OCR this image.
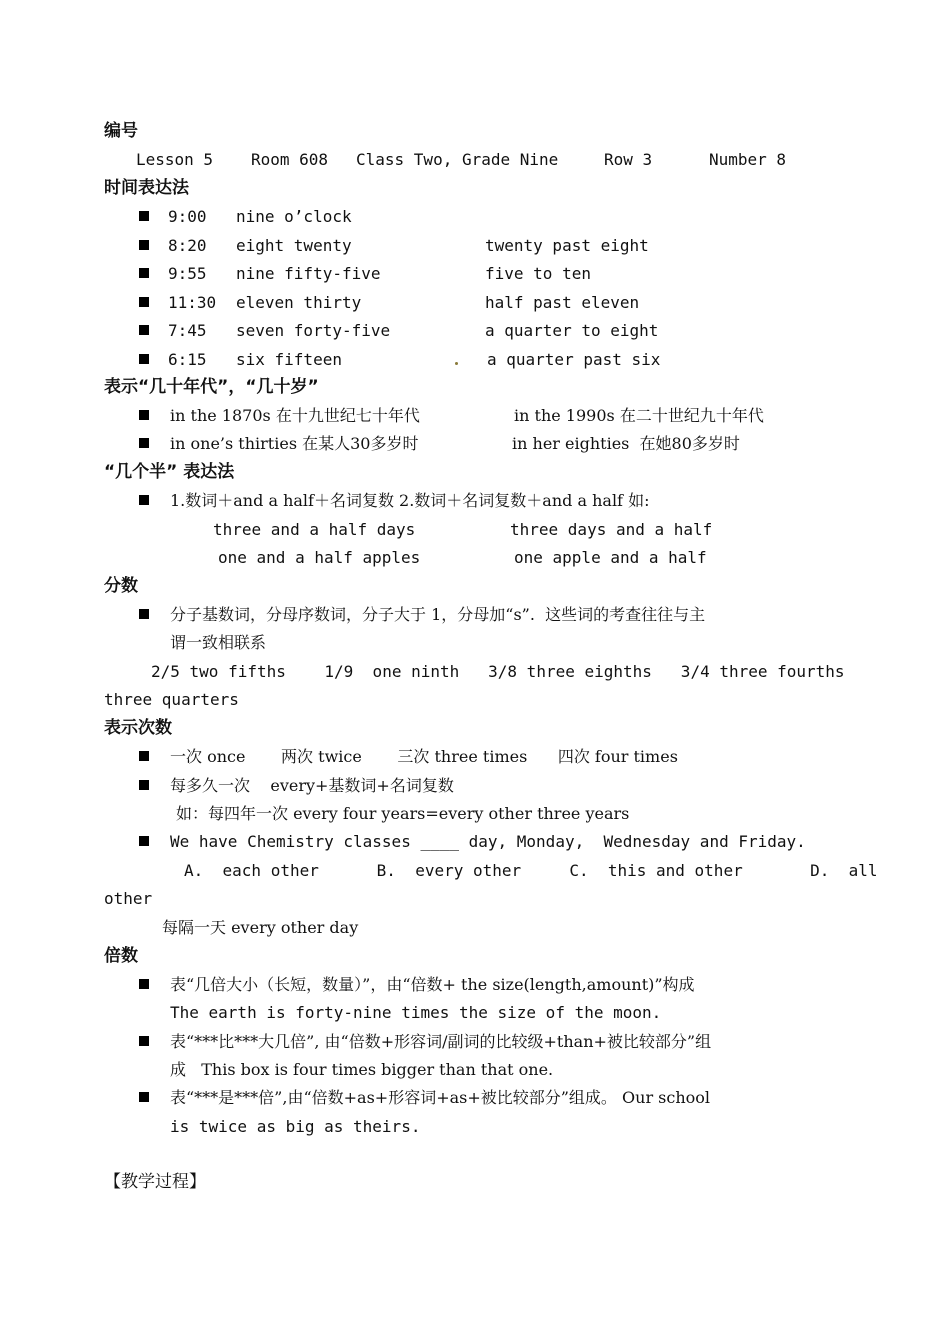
编号
Lesson 5 Room 608 Class Two, Grade Nine	Row 3	Number 8
时间表达法
9:00 nine o’clock
8:20 eight twenty	twenty past eight
9:55 nine fifty-five	five to ten
11:30 eleven thirty	half past eleven
7:45 seven forty-five	a quarter to eight
6:15 six fifteen	a quarter past six
表示“几十年代”，“几十岁”
in the 1870s 在十九世纪七十年代	in the 1990s 在二十世纪九十年代
in one’s thirties 在某人30多岁时	in her eighties  在她80多岁时
“几个半” 表达法
1.数词＋and a half＋名词复数 2.数词＋名词复数＋and a half 如:
three and a half days	three days and a half
one and a half apples	one apple and a half
分数
分子基数词，分母序数词，分子大于 1，分母加“s”.  这些词的考查往往与主
谓一致相联系
2/5 two fifths    1/9  one ninth   3/8 three eighths   3/4 three fourths
three quarters
表示次数
一次 once       两次 twice       三次 three times      四次 four times
每多久一次    every+基数词+名词复数
如：每四年一次 every four years=every other three years
We have Chemistry classes ____ day, Monday,  Wednesday and Friday.
A.  each other      B.  every other     C.  this and other       D.  all
other
每隔一天 every other day
倍数
表“几倍大小（长短，数量）”，由“倍数+ the size(length,amount)”构成
The earth is forty-nine times the size of the moon.
表“***比***大几倍”, 由“倍数+形容词/副词的比较级+than+被比较部分”组
成   This box is four times bigger than that one.
表“***是***倍”,由“倍数+as+形容词+as+被比较部分”组成。 Our school
is twice as big as theirs.
【教学过程】
